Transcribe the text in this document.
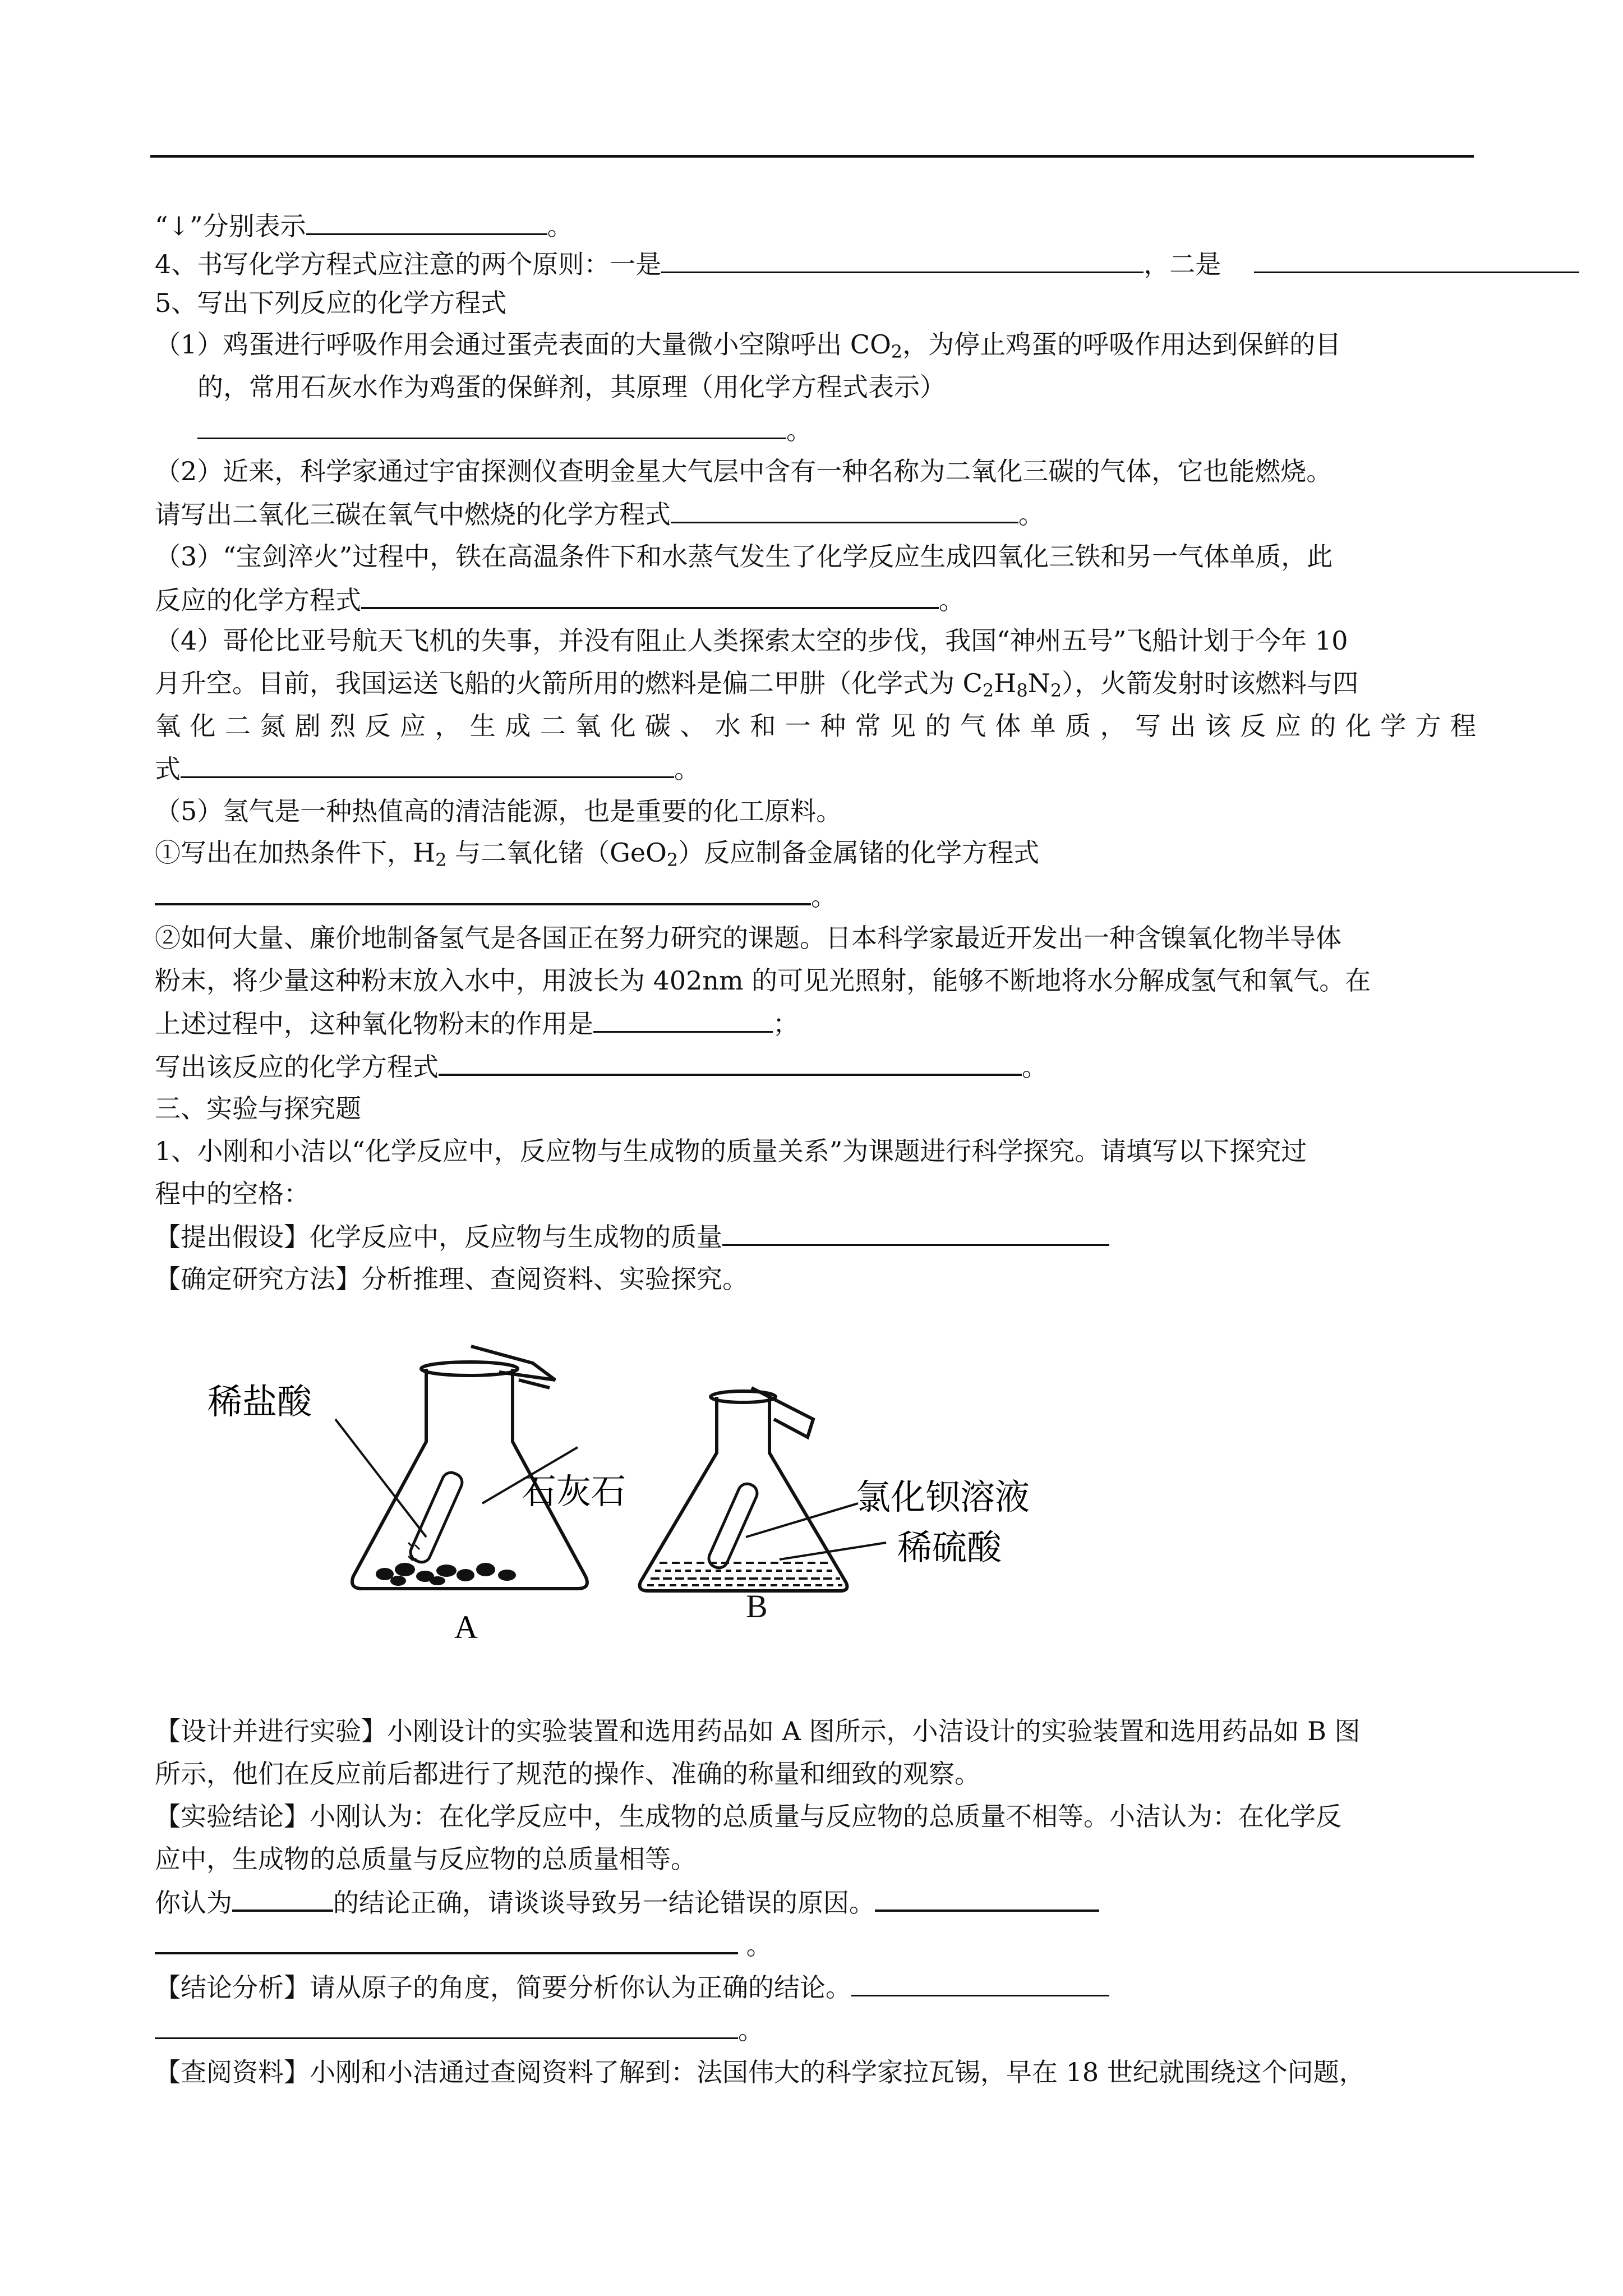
“↓”分别表示	。
4、书写化学方程式应注意的两个原则：一是	，二是
5、写出下列反应的化学方程式
（1）鸡蛋进行呼吸作用会通过蛋壳表面的大量微小空隙呼出 $CO_2$，为停止鸡蛋的呼吸作用达到保鲜的目
的，常用石灰水作为鸡蛋的保鲜剂，其原理（用化学方程式表示）
。
（2）近来，科学家通过宇宙探测仪查明金星大气层中含有一种名称为二氧化三碳的气体，它也能燃烧。
请写出二氧化三碳在氧气中燃烧的化学方程式	。
（3）“宝剑淬火”过程中，铁在高温条件下和水蒸气发生了化学反应生成四氧化三铁和另一气体单质，此
反应的化学方程式	。
（4）哥伦比亚号航天飞机的失事，并没有阻止人类探索太空的步伐，我国“神州五号”飞船计划于今年 10
月升空。目前，我国运送飞船的火箭所用的燃料是偏二甲肼（化学式为 $C_2H_8N_2$），火箭发射时该燃料与四
氧化二氮剧烈反应，生成二氧化碳、水和一种常见的气体单质，写出该反应的化学方程
式	。
（5）氢气是一种热值高的清洁能源，也是重要的化工原料。
①写出在加热条件下，$H_2$ 与二氧化锗（GeO$_2$）反应制备金属锗的化学方程式
。
②如何大量、廉价地制备氢气是各国正在努力研究的课题。日本科学家最近开发出一种含镍氧化物半导体
粉末，将少量这种粉末放入水中，用波长为 402nm 的可见光照射，能够不断地将水分解成氢气和氧气。在
上述过程中，这种氧化物粉末的作用是	；
写出该反应的化学方程式	。
三、实验与探究题
1、小刚和小洁以“化学反应中，反应物与生成物的质量关系”为课题进行科学探究。请填写以下探究过
程中的空格：
【提出假设】化学反应中，反应物与生成物的质量
【确定研究方法】分析推理、查阅资料、实验探究。
稀盐酸
石灰石
A
氯化钡溶液
稀硫酸
B
【设计并进行实验】小刚设计的实验装置和选用药品如 A 图所示，小洁设计的实验装置和选用药品如 B 图
所示，他们在反应前后都进行了规范的操作、准确的称量和细致的观察。
【实验结论】小刚认为：在化学反应中，生成物的总质量与反应物的总质量不相等。小洁认为：在化学反
应中，生成物的总质量与反应物的总质量相等。
你认为	的结论正确，请谈谈导致另一结论错误的原因。
。
【结论分析】请从原子的角度，简要分析你认为正确的结论。
。
【查阅资料】小刚和小洁通过查阅资料了解到：法国伟大的科学家拉瓦锡，早在 18 世纪就围绕这个问题，
